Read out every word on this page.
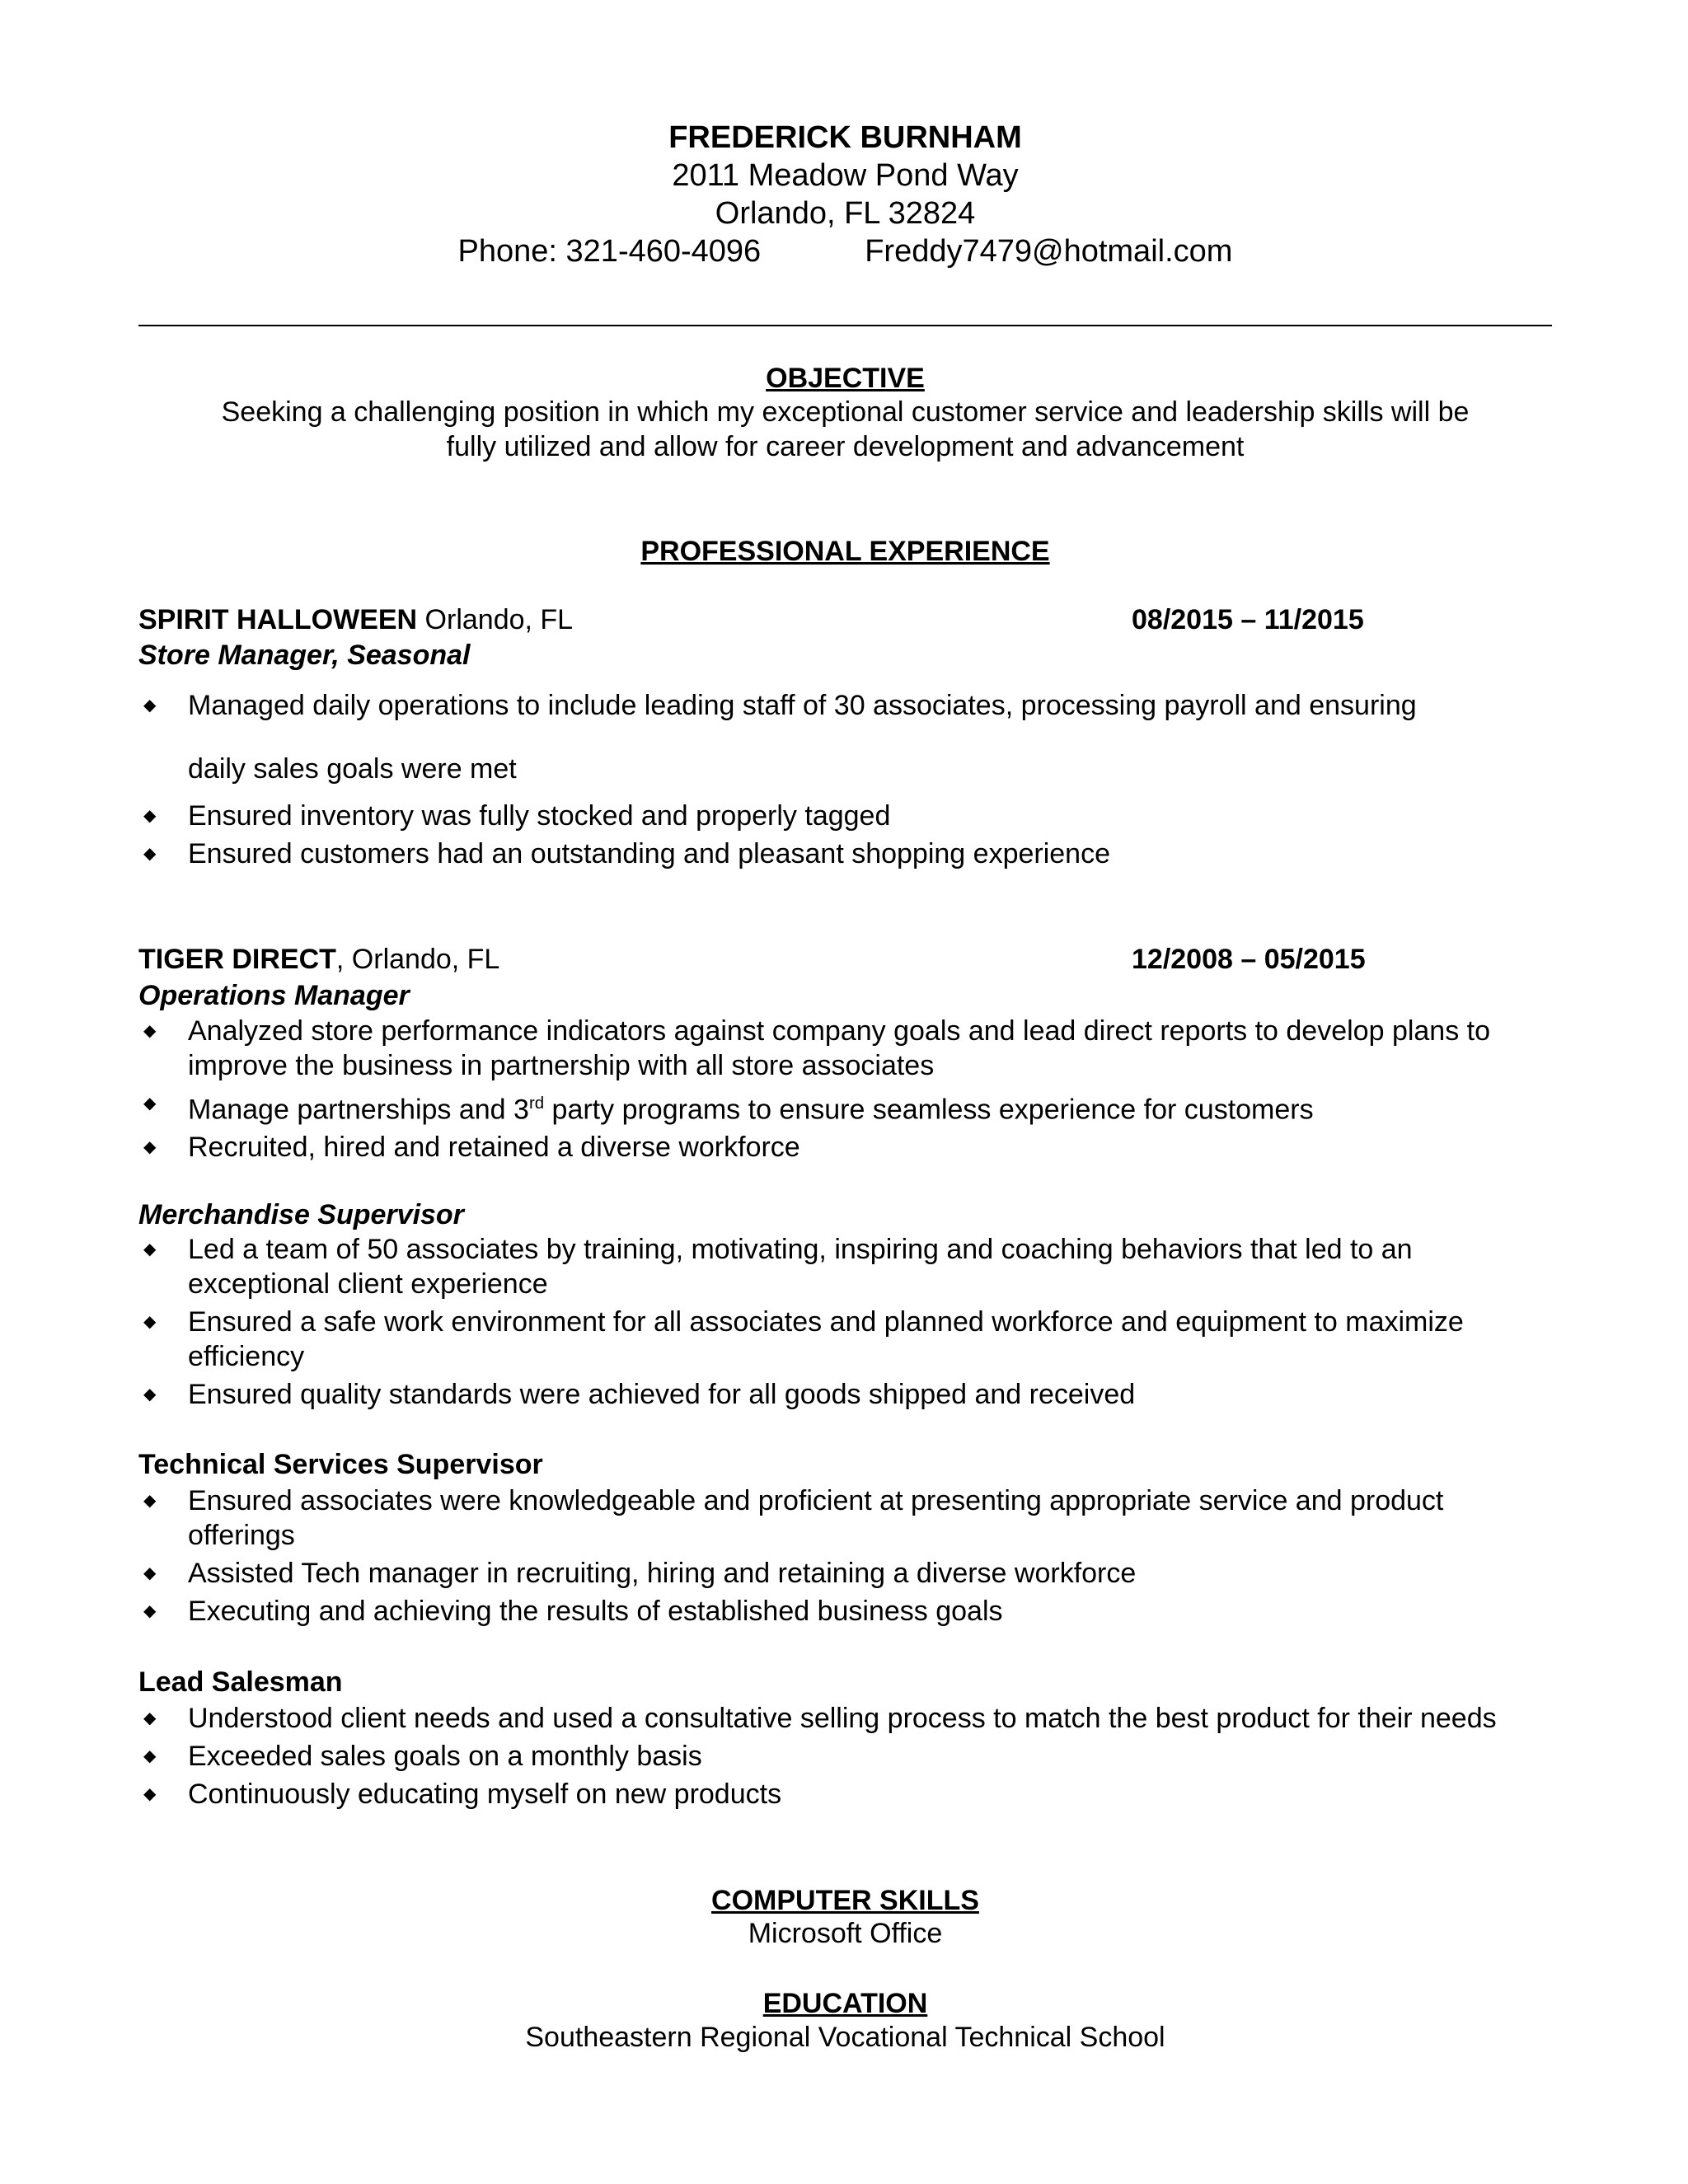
FREDERICK BURNHAM
2011 Meadow Pond Way
Orlando, FL 32824
Phone: 321-460-4096	Freddy7479@hotmail.com
OBJECTIVE
Seeking a challenging position in which my exceptional customer service and leadership skills will be
fully utilized and allow for career development and advancement
PROFESSIONAL EXPERIENCE
SPIRIT HALLOWEEN Orlando, FL	08/2015 – 11/2015
Store Manager, Seasonal
◆ Managed daily operations to include leading staff of 30 associates, processing payroll and ensuring
daily sales goals were met
◆ Ensured inventory was fully stocked and properly tagged
◆ Ensured customers had an outstanding and pleasant shopping experience
TIGER DIRECT, Orlando, FL	12/2008 – 05/2015
Operations Manager
◆ Analyzed store performance indicators against company goals and lead direct reports to develop plans to improve the business in partnership with all store associates
◆ Manage partnerships and 3rd party programs to ensure seamless experience for customers
◆ Recruited, hired and retained a diverse workforce
Merchandise Supervisor
◆ Led a team of 50 associates by training, motivating, inspiring and coaching behaviors that led to an exceptional client experience
◆ Ensured a safe work environment for all associates and planned workforce and equipment to maximize efficiency
◆ Ensured quality standards were achieved for all goods shipped and received
Technical Services Supervisor
◆ Ensured associates were knowledgeable and proficient at presenting appropriate service and product offerings
◆ Assisted Tech manager in recruiting, hiring and retaining a diverse workforce
◆ Executing and achieving the results of established business goals
Lead Salesman
◆ Understood client needs and used a consultative selling process to match the best product for their needs
◆ Exceeded sales goals on a monthly basis
◆ Continuously educating myself on new products
COMPUTER SKILLS
Microsoft Office
EDUCATION
Southeastern Regional Vocational Technical School
